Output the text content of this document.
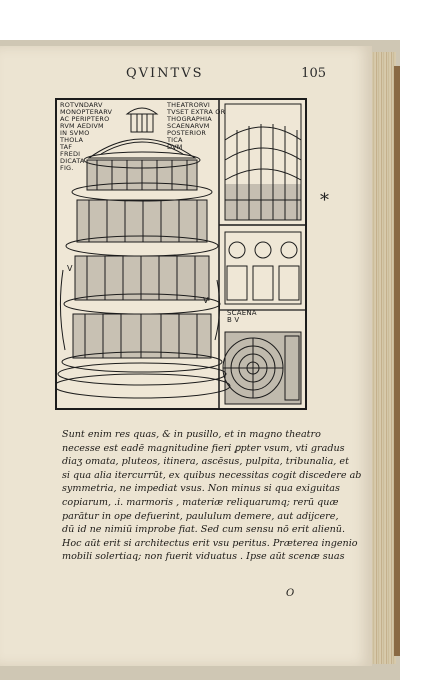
QVINTVS	105
ROTVNDARV
MONOPTERARV
AC PERIPTERO
RVM AEDIVM
IN SVMO
THOLA
TAF
FREDI
DICATA
FIG.
THEATRORVI
TVSET EXTRA OR
THOGRAPHIA
SCAENARVM
POSTERIOR
TICA
DVM
SCAENA
B V
V
V
*
Sunt enim res quas, & in pusillo, et in magno theatro
necesse est eadē magnitudine fieri ꝑpter vsum, vti gradus
diaʒ omata, pluteos, itinera, ascēsus, pulpita, tribunalia, et
si qua alia itercurrūt, ex quibus necessitas cogit discedere ab
symmetria, ne impediat vsus. Non minus si qua exiguitas
copiarum, .i. marmoris , materiæ reliquarumq; rerū quæ
parātur in ope defuerint, paululum demere, aut adijcere,
dū id ne nimiū improbe fiat. Sed cum sensu nō erit alienū.
Hoc aūt erit si architectus erit vsu peritus. Præterea ingenio
mobili solertiaq; non fuerit viduatus . Ipse aūt scenæ suas
O
